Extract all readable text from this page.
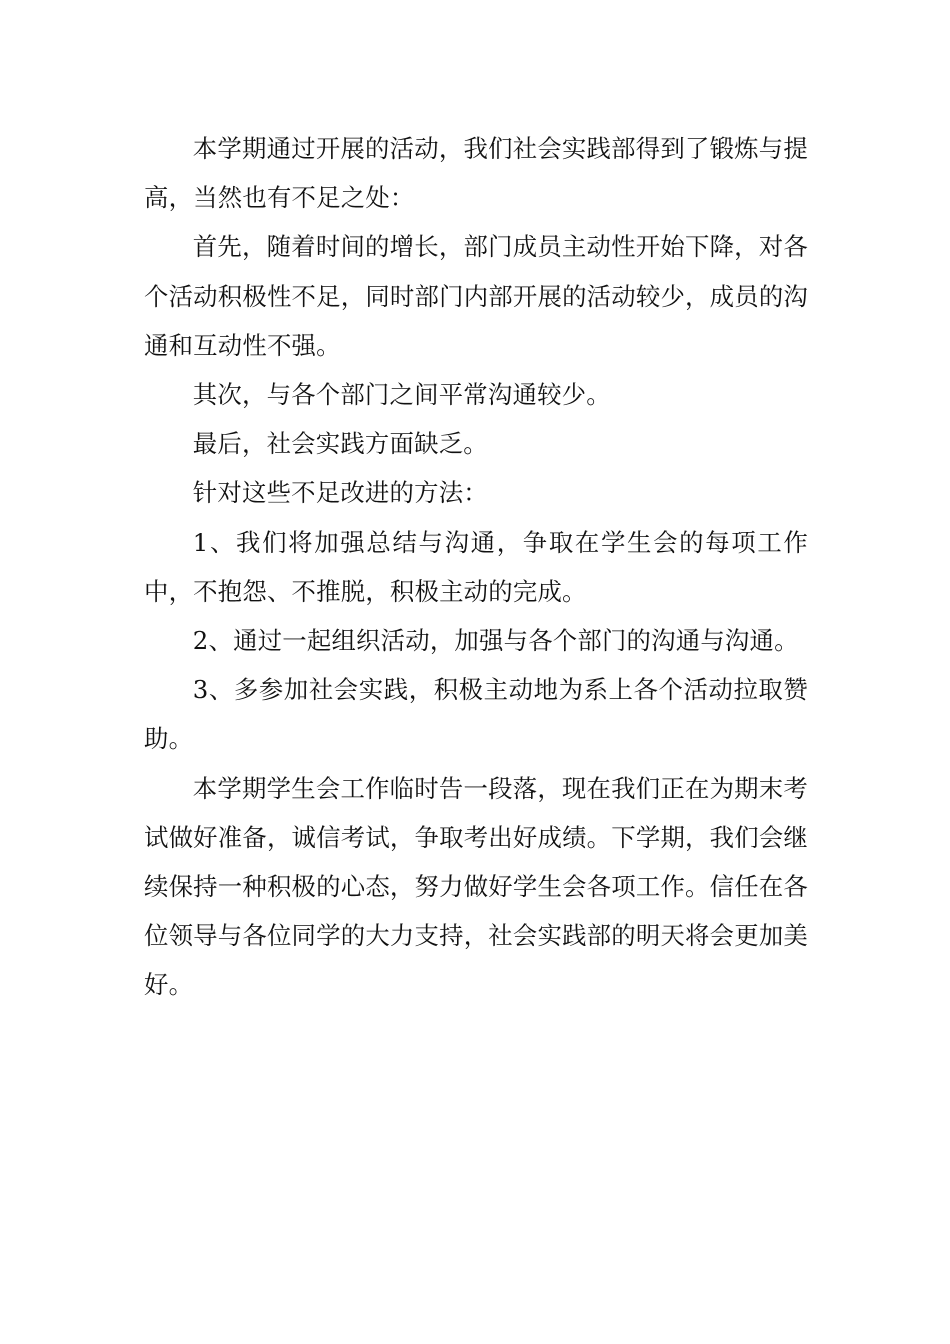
本学期通过开展的活动，我们社会实践部得到了锻炼与提高，当然也有不足之处：

首先，随着时间的增长，部门成员主动性开始下降，对各个活动积极性不足，同时部门内部开展的活动较少，成员的沟通和互动性不强。

其次，与各个部门之间平常沟通较少。

最后，社会实践方面缺乏。

针对这些不足改进的方法：

1、我们将加强总结与沟通，争取在学生会的每项工作中，不抱怨、不推脱，积极主动的完成。

2、通过一起组织活动，加强与各个部门的沟通与沟通。

3、多参加社会实践，积极主动地为系上各个活动拉取赞助。

本学期学生会工作临时告一段落，现在我们正在为期末考试做好准备，诚信考试，争取考出好成绩。下学期，我们会继续保持一种积极的心态，努力做好学生会各项工作。信任在各位领导与各位同学的大力支持，社会实践部的明天将会更加美好。
